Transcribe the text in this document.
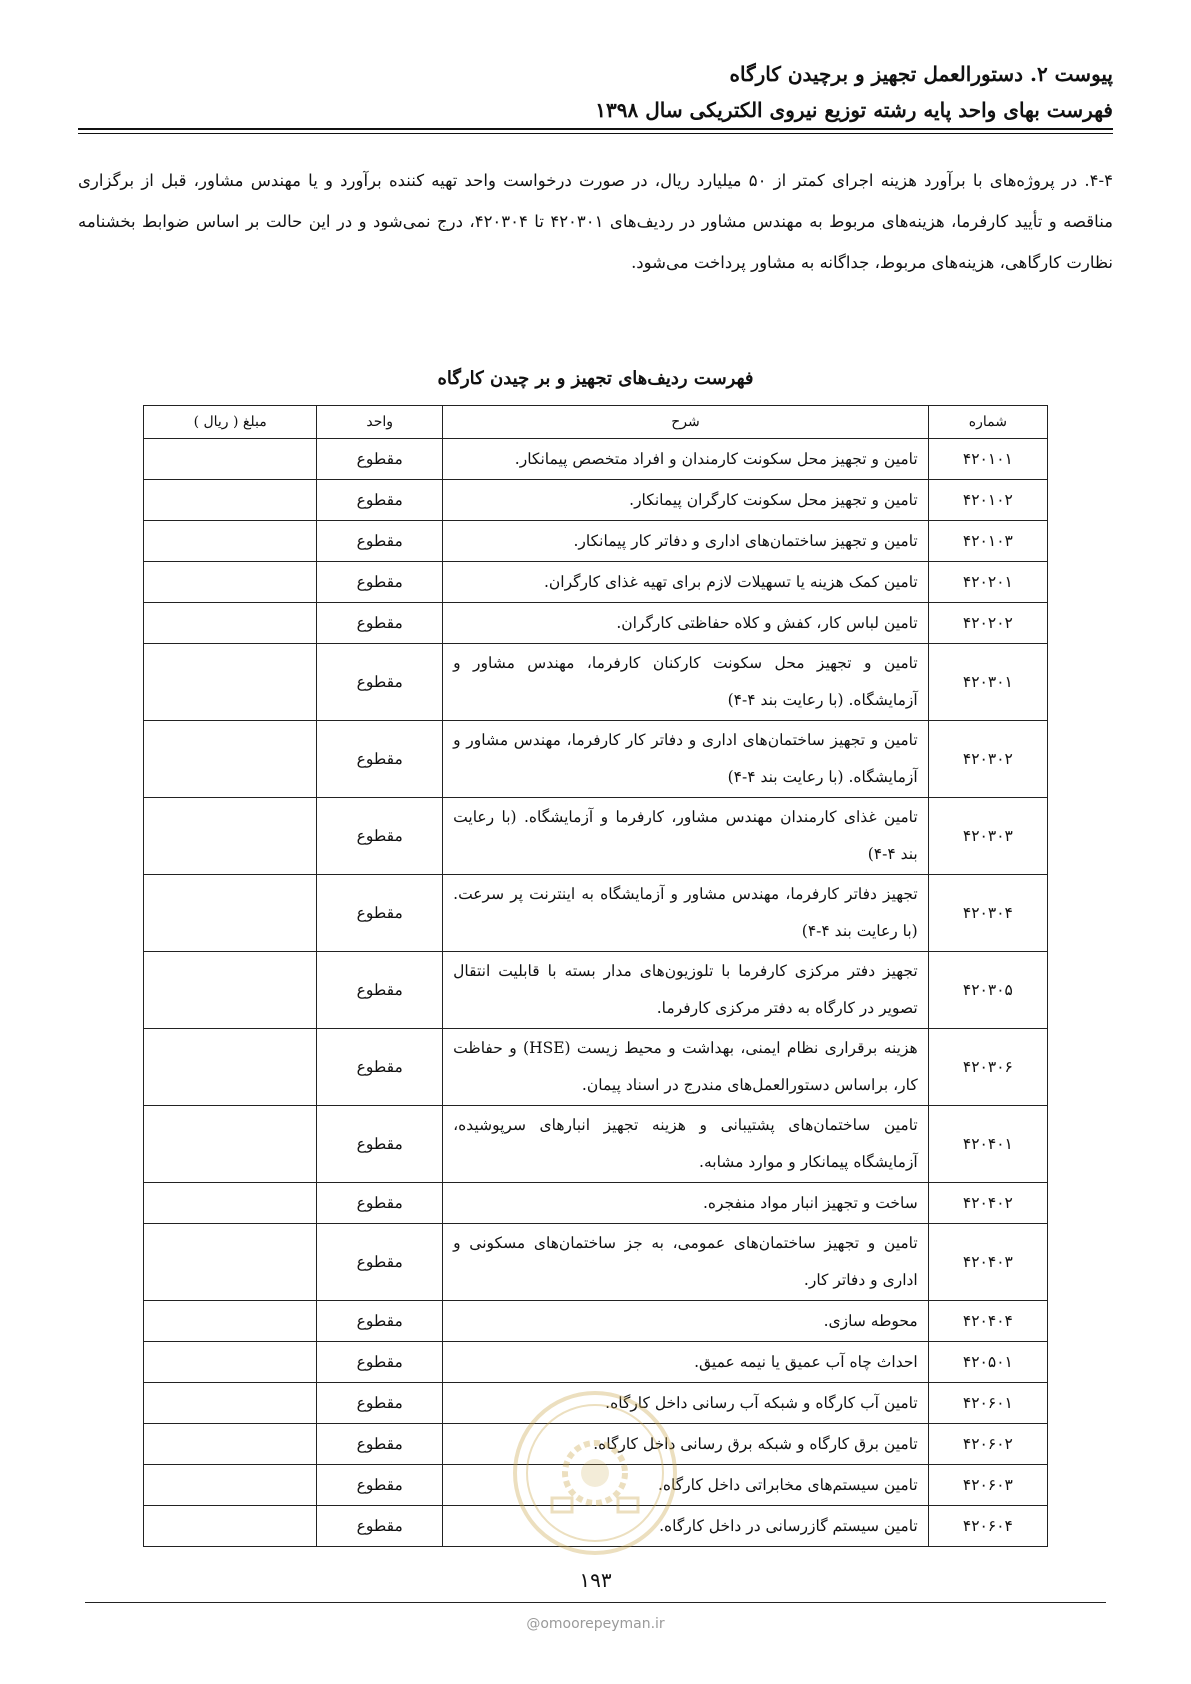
پیوست ۲. دستورالعمل تجهیز و برچیدن کارگاه
فهرست بهای واحد پایه رشته توزیع نیروی الکتریکی سال ۱۳۹۸
۴-۴. در پروژه‌های با برآورد هزینه اجرای کمتر از ۵۰ میلیارد ریال، در صورت درخواست واحد تهیه کننده برآورد و یا مهندس مشاور، قبل از برگزاری مناقصه و تأیید کارفرما، هزینه‌های مربوط به مهندس مشاور در ردیف‌های ۴۲۰۳۰۱ تا ۴۲۰۳۰۴، درج نمی‌شود و در این حالت بر اساس ضوابط بخشنامه نظارت کارگاهی، هزینه‌های مربوط، جداگانه به مشاور پرداخت می‌شود.
فهرست ردیف‌های تجهیز و بر چیدن کارگاه
شماره	شرح	واحد	مبلغ ( ریال )
۴۲۰۱۰۱	تامین و تجهیز محل سکونت کارمندان و افراد متخصص پیمانکار.	مقطوع	
۴۲۰۱۰۲	تامین و تجهیز محل سکونت کارگران پیمانکار.	مقطوع	
۴۲۰۱۰۳	تامین و تجهیز ساختمان‌های اداری و دفاتر کار پیمانکار.	مقطوع	
۴۲۰۲۰۱	تامین کمک هزینه یا تسهیلات لازم برای تهیه غذای کارگران.	مقطوع	
۴۲۰۲۰۲	تامین لباس کار، کفش و کلاه حفاظتی کارگران.	مقطوع	
۴۲۰۳۰۱	تامین و تجهیز محل سکونت کارکنان کارفرما، مهندس مشاور و آزمایشگاه. (با رعایت بند ۴-۴)	مقطوع	
۴۲۰۳۰۲	تامین و تجهیز ساختمان‌های اداری و دفاتر کار کارفرما، مهندس مشاور و آزمایشگاه. (با رعایت بند ۴-۴)	مقطوع	
۴۲۰۳۰۳	تامین غذای کارمندان مهندس مشاور، کارفرما و آزمایشگاه. (با رعایت بند ۴-۴)	مقطوع	
۴۲۰۳۰۴	تجهیز دفاتر کارفرما، مهندس مشاور و آزمایشگاه به اینترنت پر سرعت. (با رعایت بند ۴-۴)	مقطوع	
۴۲۰۳۰۵	تجهیز دفتر مرکزی کارفرما با تلوزیون‌های مدار بسته با قابلیت انتقال تصویر در کارگاه به دفتر مرکزی کارفرما.	مقطوع	
۴۲۰۳۰۶	هزینه برقراری نظام ایمنی، بهداشت و محیط زیست (HSE) و حفاظت کار، براساس دستورالعمل‌های مندرج در اسناد پیمان.	مقطوع	
۴۲۰۴۰۱	تامین ساختمان‌های پشتیبانی و هزینه تجهیز انبارهای سرپوشیده، آزمایشگاه پیمانکار و موارد مشابه.	مقطوع	
۴۲۰۴۰۲	ساخت و تجهیز انبار مواد منفجره.	مقطوع	
۴۲۰۴۰۳	تامین و تجهیز ساختمان‌های عمومی، به جز ساختمان‌های مسکونی و اداری و دفاتر کار.	مقطوع	
۴۲۰۴۰۴	محوطه سازی.	مقطوع	
۴۲۰۵۰۱	احداث چاه آب عمیق یا نیمه عمیق.	مقطوع	
۴۲۰۶۰۱	تامین آب کارگاه و شبکه آب رسانی داخل کارگاه.	مقطوع	
۴۲۰۶۰۲	تامین برق کارگاه و شبکه برق رسانی داخل کارگاه.	مقطوع	
۴۲۰۶۰۳	تامین سیستم‌های مخابراتی داخل کارگاه.	مقطوع	
۴۲۰۶۰۴	تامین سیستم گازرسانی در داخل کارگاه.	مقطوع	
۱۹۳
@omoorepeyman.ir
